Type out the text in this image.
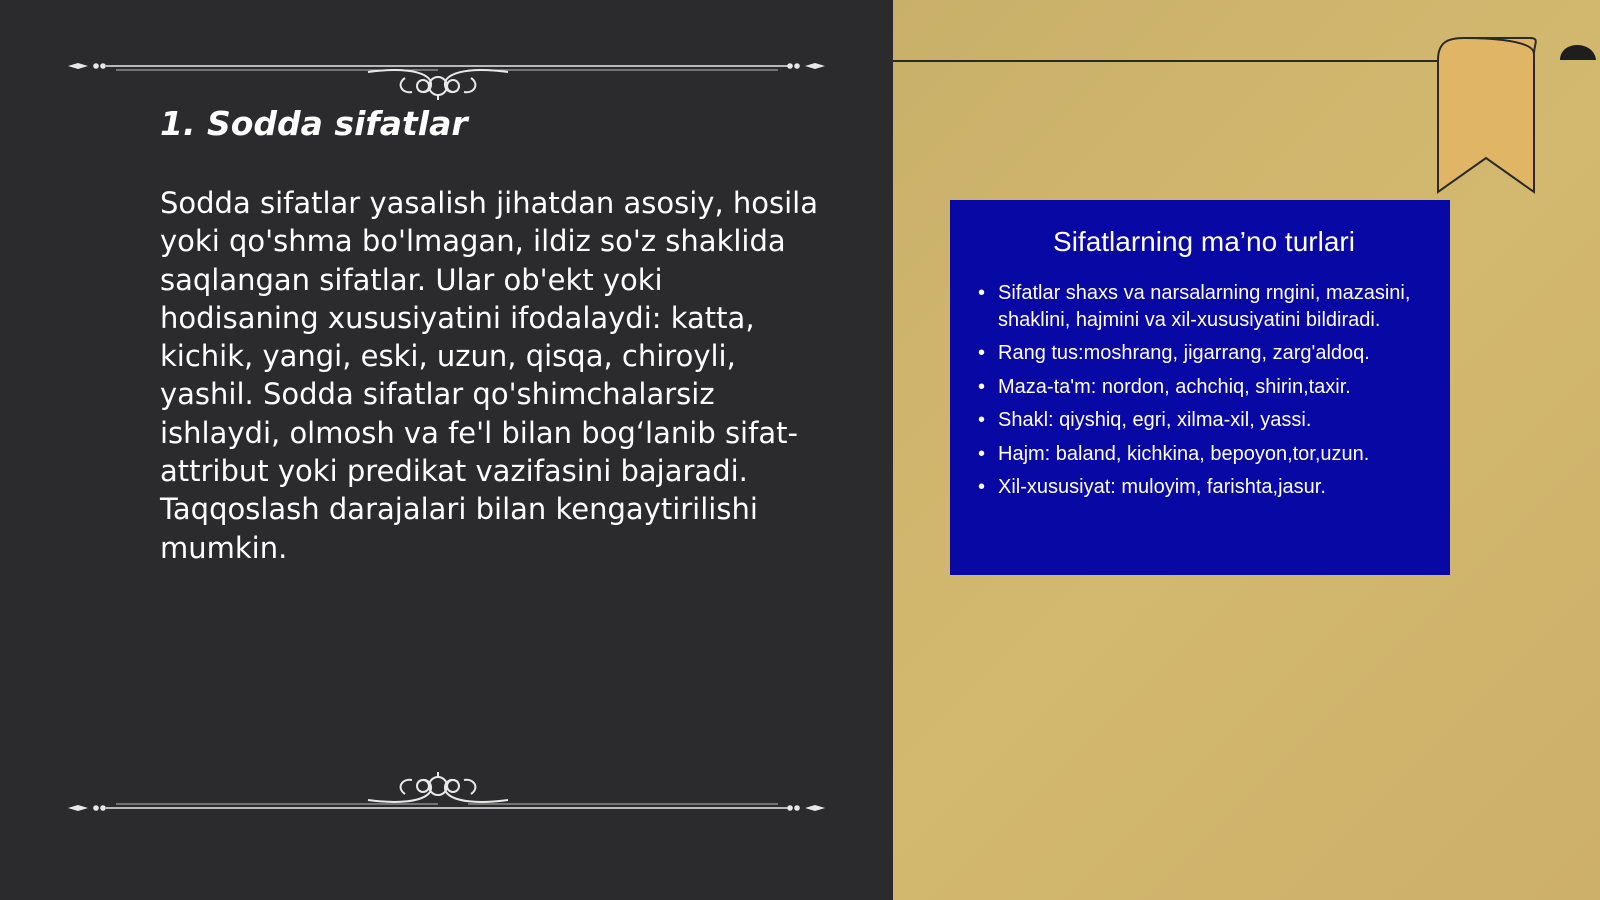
1. Sodda sifatlar

Sodda sifatlar yasalish jihatdan asosiy, hosila yoki qo'shma bo'lmagan, ildiz so'z shaklida saqlangan sifatlar. Ular ob'ekt yoki hodisaning xususiyatini ifodalaydi: katta, kichik, yangi, eski, uzun, qisqa, chiroyli, yashil. Sodda sifatlar qo'shimchalarsiz ishlaydi, olmosh va fe'l bilan bog‘lanib sifat-attribut yoki predikat vazifasini bajaradi. Taqqoslash darajalari bilan kengaytirilishi mumkin.

Sifatlarning ma’no turlari
• Sifatlar shaxs va narsalarning rngini, mazasini, shaklini, hajmini va xil-xususiyatini bildiradi.
• Rang tus:moshrang, jigarrang, zarg'aldoq.
• Maza-ta'm: nordon, achchiq, shirin,taxir.
• Shakl: qiyshiq, egri, xilma-xil, yassi.
• Hajm: baland, kichkina, bepoyon,tor,uzun.
• Xil-xususiyat: muloyim, farishta,jasur.
